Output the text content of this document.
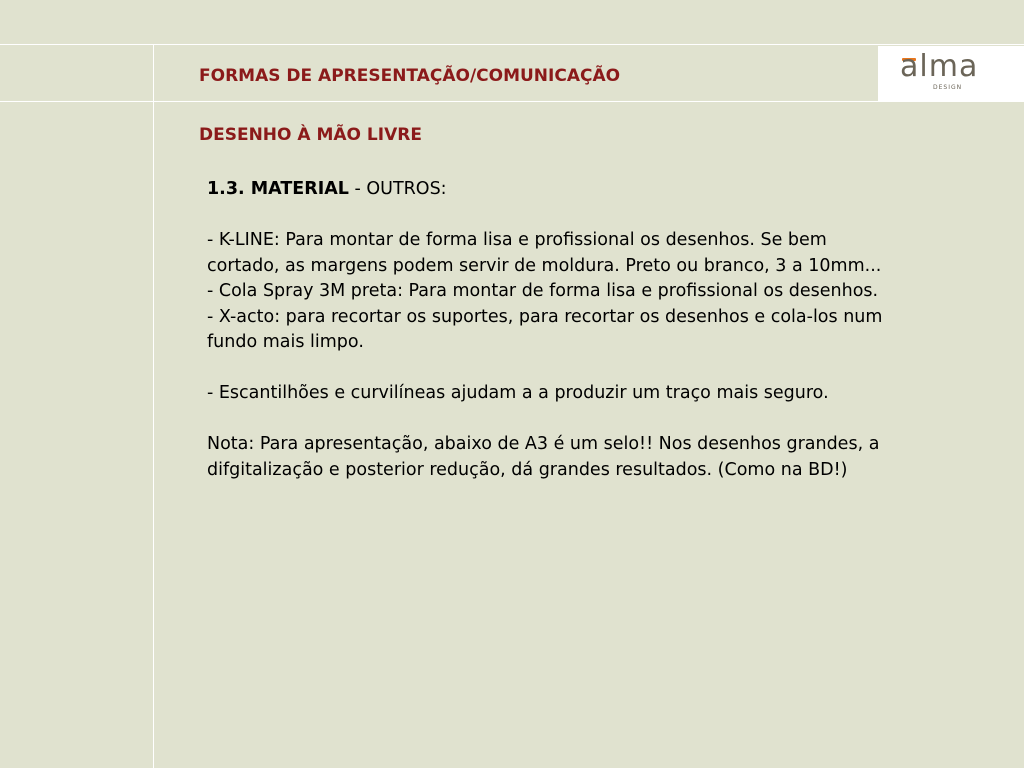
FORMAS DE APRESENTAÇÃO/COMUNICAÇÃO	alma
DESIGN
DESENHO À MÃO LIVRE

1.3. MATERIAL - OUTROS:

- K-LINE: Para montar de forma lisa e profissional os desenhos. Se bem cortado, as margens podem servir de moldura. Preto ou branco, 3 a 10mm...

- Cola Spray 3M preta: Para montar de forma lisa e profissional os desenhos.

- X-acto: para recortar os suportes, para recortar os desenhos e cola-los num fundo mais limpo.

- Escantilhões e curvilíneas ajudam a a produzir um traço mais seguro.

Nota: Para apresentação, abaixo de A3 é um selo!! Nos desenhos grandes, a difgitalização e posterior redução, dá grandes resultados. (Como na BD!)
